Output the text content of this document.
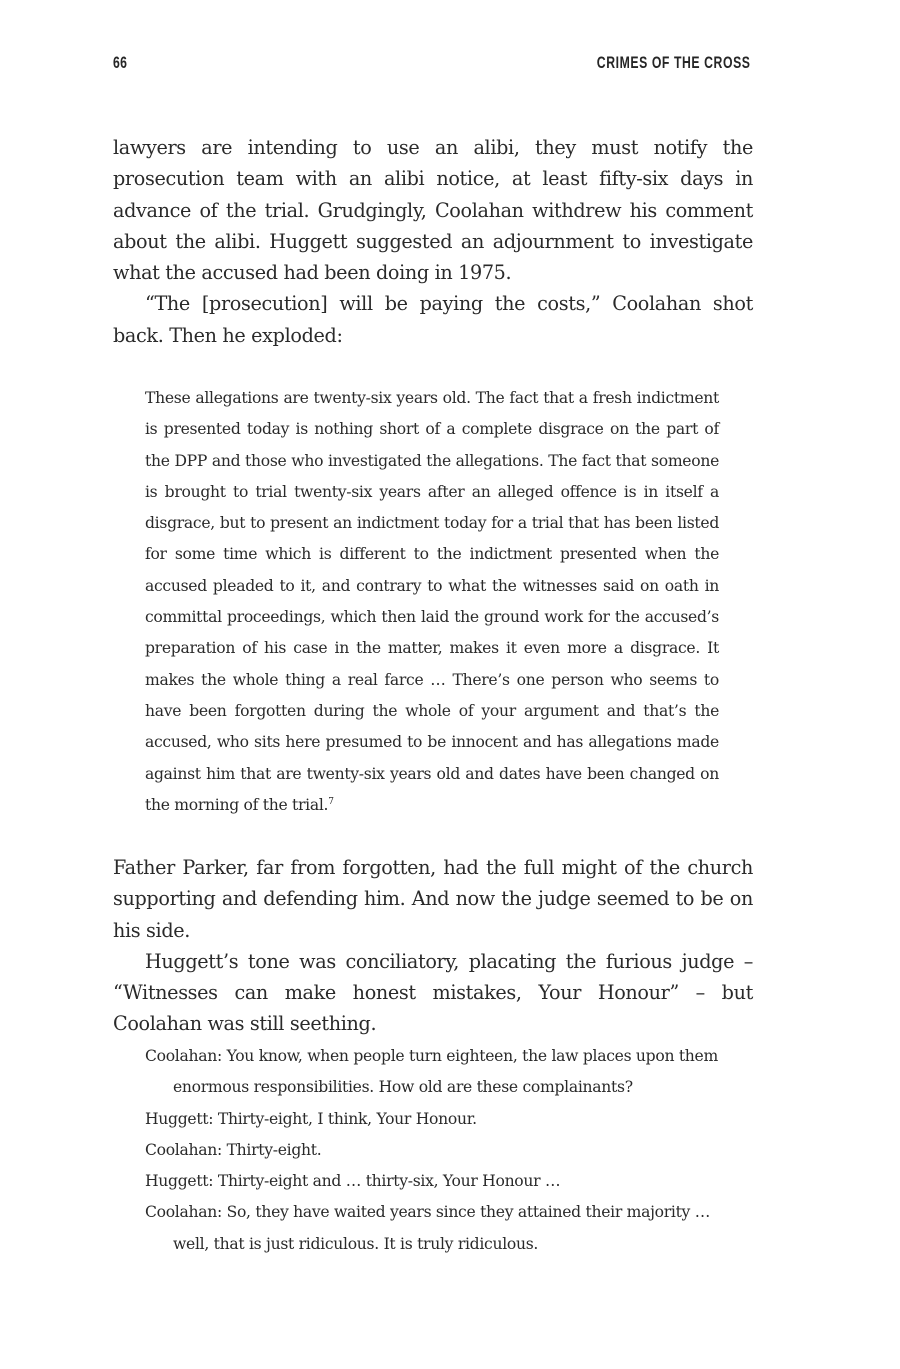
66	CRIMES OF THE CROSS

lawyers are intending to use an alibi, they must notify the prosecution team with an alibi notice, at least fifty-six days in advance of the trial. Grudgingly, Coolahan withdrew his comment about the alibi. Huggett suggested an adjournment to investigate what the accused had been doing in 1975.

“The [prosecution] will be paying the costs,” Coolahan shot back. Then he exploded:

These allegations are twenty-six years old. The fact that a fresh indictment is presented today is nothing short of a complete disgrace on the part of the DPP and those who investigated the allegations. The fact that someone is brought to trial twenty-six years after an alleged offence is in itself a disgrace, but to present an indictment today for a trial that has been listed for some time which is different to the indictment presented when the accused pleaded to it, and contrary to what the witnesses said on oath in committal proceedings, which then laid the ground work for the accused’s preparation of his case in the matter, makes it even more a disgrace. It makes the whole thing a real farce … There’s one person who seems to have been forgotten during the whole of your argument and that’s the accused, who sits here presumed to be innocent and has allegations made against him that are twenty-six years old and dates have been changed on the morning of the trial.$^7$

Father Parker, far from forgotten, had the full might of the church supporting and defending him. And now the judge seemed to be on his side.

Huggett’s tone was conciliatory, placating the furious judge – “Witnesses can make honest mistakes, Your Honour” – but Coolahan was still seething.

Coolahan: You know, when people turn eighteen, the law places upon them enormous responsibilities. How old are these complainants?

Huggett: Thirty-eight, I think, Your Honour.

Coolahan: Thirty-eight.

Huggett: Thirty-eight and … thirty-six, Your Honour …

Coolahan: So, they have waited years since they attained their majority … well, that is just ridiculous. It is truly ridiculous.
